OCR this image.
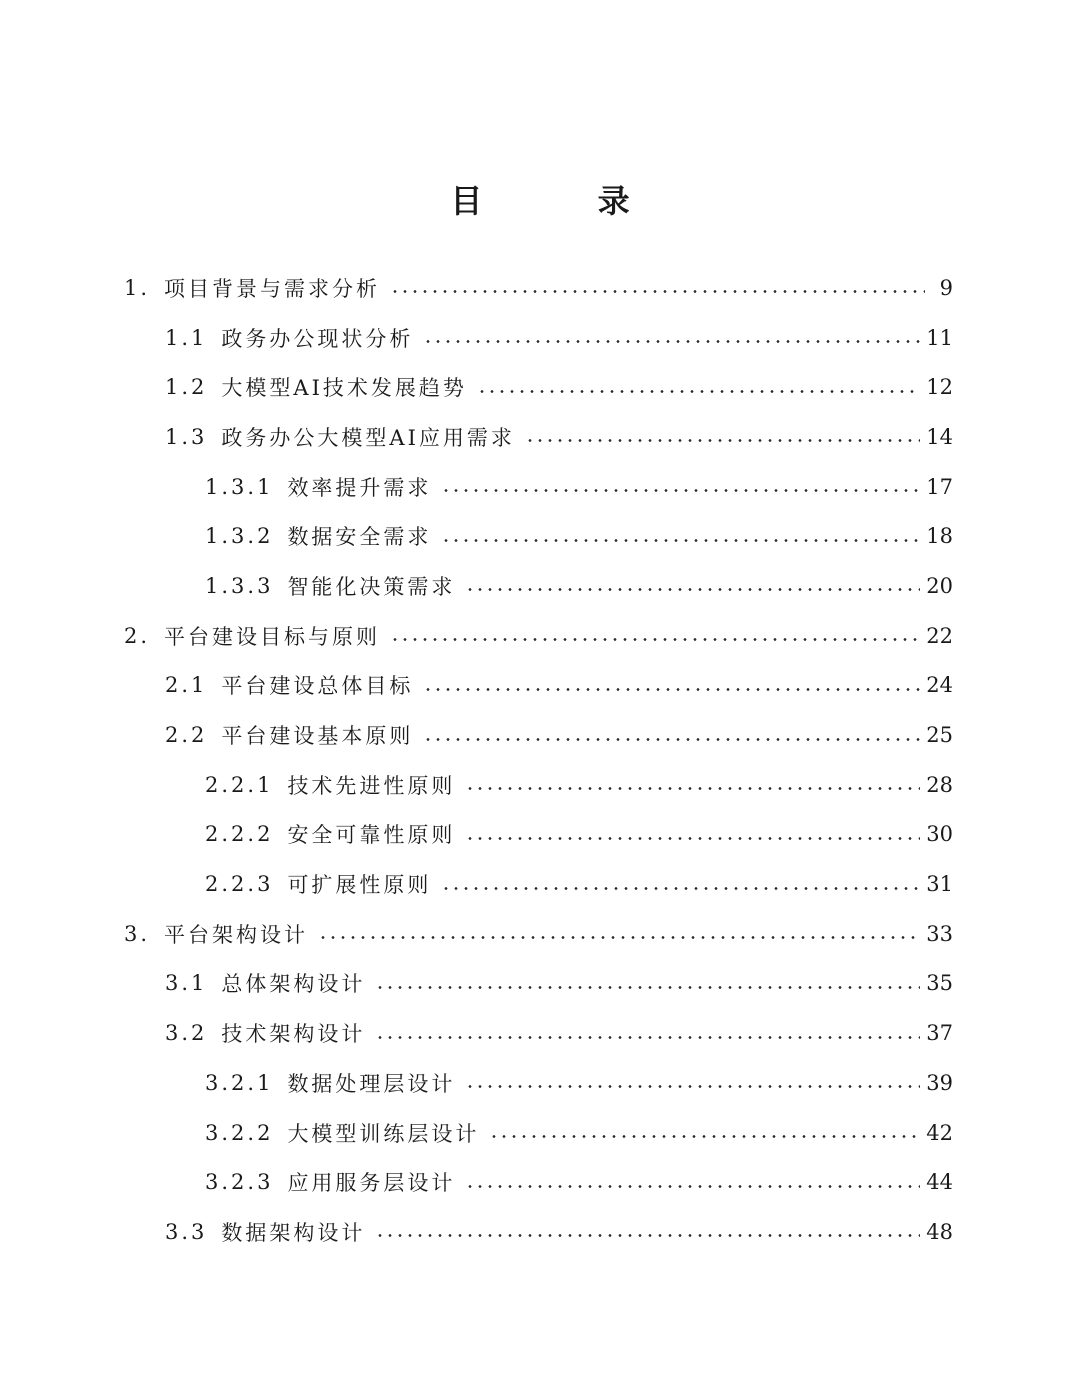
目 录
1. 项目背景与需求分析	9
1.1 政务办公现状分析	11
1.2 大模型AI技术发展趋势	12
1.3 政务办公大模型AI应用需求	14
1.3.1 效率提升需求	17
1.3.2 数据安全需求	18
1.3.3 智能化决策需求	20
2. 平台建设目标与原则	22
2.1 平台建设总体目标	24
2.2 平台建设基本原则	25
2.2.1 技术先进性原则	28
2.2.2 安全可靠性原则	30
2.2.3 可扩展性原则	31
3. 平台架构设计	33
3.1 总体架构设计	35
3.2 技术架构设计	37
3.2.1 数据处理层设计	39
3.2.2 大模型训练层设计	42
3.2.3 应用服务层设计	44
3.3 数据架构设计	48
